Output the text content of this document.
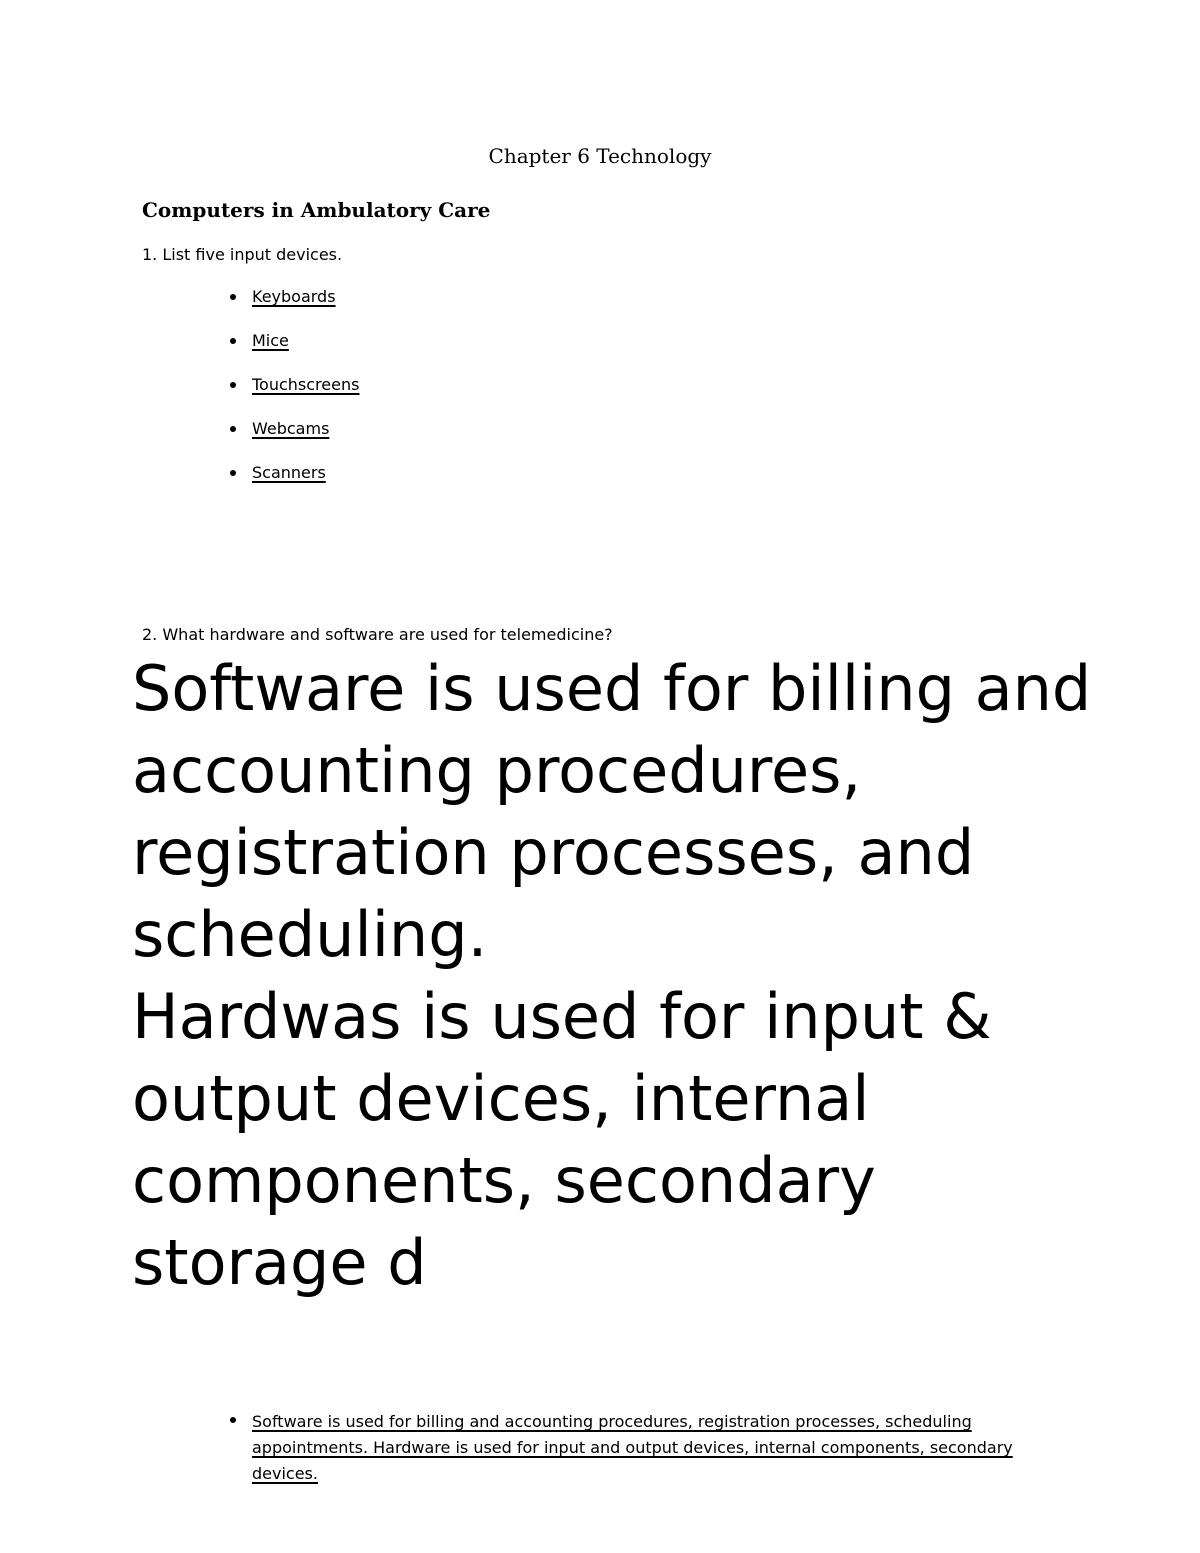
Chapter 6 Technology
Computers in Ambulatory Care
1. List five input devices.
Keyboards
Mice
Touchscreens
Webcams
Scanners
2. What hardware and software are used for telemedicine?

Software is used for billing and accounting procedures, registration processes, and scheduling.

Hardwas is used for input & output devices, internal components, secondary storage d

Software is used for billing and accounting procedures, registration processes, scheduling appointments. Hardware is used for input and output devices, internal components, secondary devices.
